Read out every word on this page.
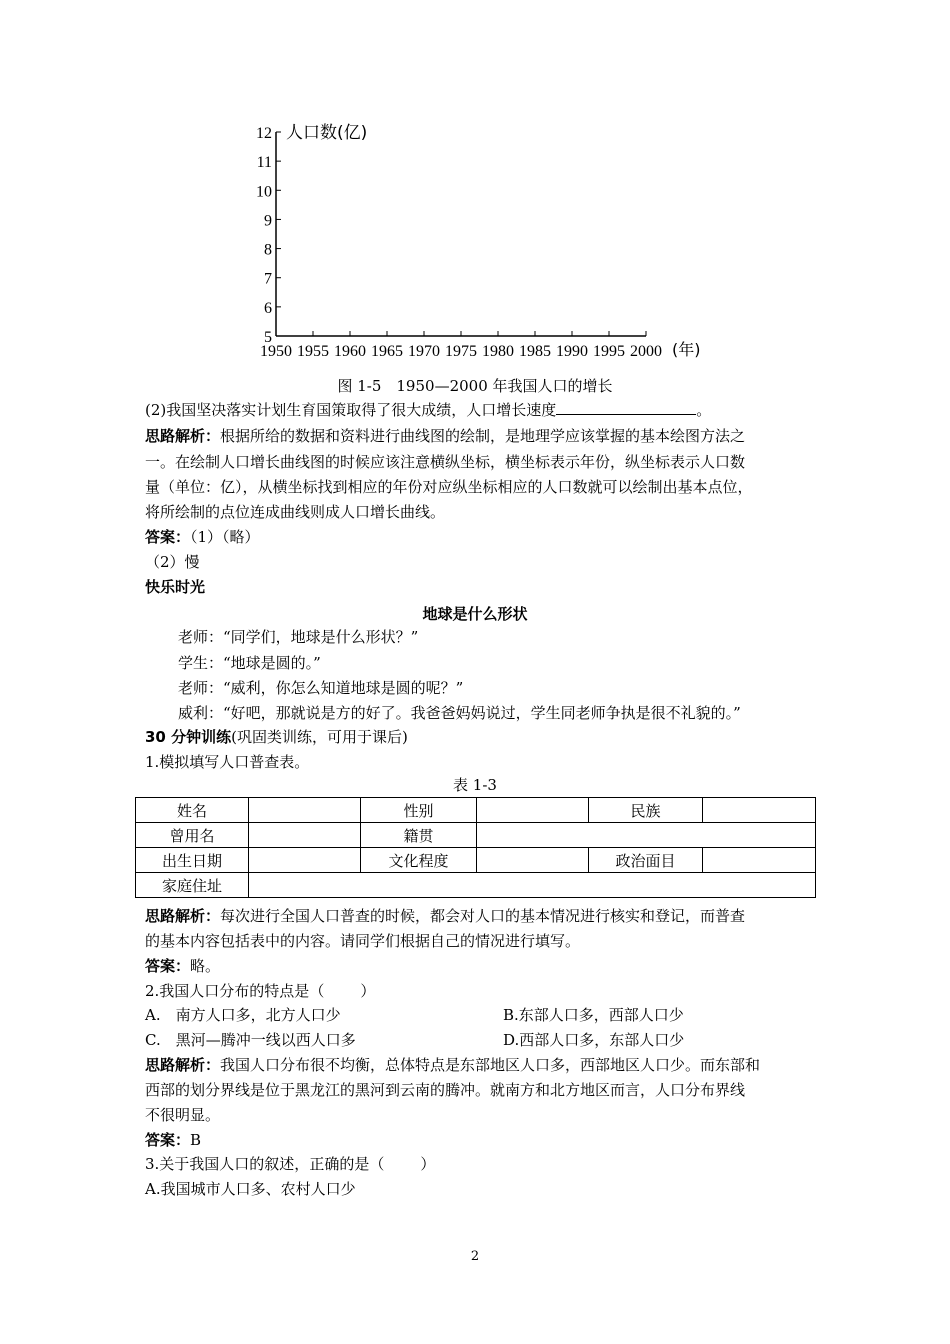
5
6
7
8
9
10
11
12
1950 1955 1960 1965 1970 1975 1980 1985 1990 1995 2000
人口数(亿)
(年)
图 1-5　1950—2000 年我国人口的增长
(2)我国坚决落实计划生育国策取得了很大成绩，人口增长速度	。
思路解析：根据所给的数据和资料进行曲线图的绘制，是地理学应该掌握的基本绘图方法之
一。在绘制人口增长曲线图的时候应该注意横纵坐标，横坐标表示年份，纵坐标表示人口数
量（单位：亿），从横坐标找到相应的年份对应纵坐标相应的人口数就可以绘制出基本点位，
将所绘制的点位连成曲线则成人口增长曲线。
答案：（1）（略）
（2）慢
快乐时光
地球是什么形状
老师：“同学们，地球是什么形状？”
学生：“地球是圆的。”
老师：“威利，你怎么知道地球是圆的呢？”
威利：“好吧，那就说是方的好了。我爸爸妈妈说过，学生同老师争执是很不礼貌的。”
30 分钟训练(巩固类训练，可用于课后)
1.模拟填写人口普查表。
表 1-3
姓名		性别		民族	
曾用名		籍贯			
出生日期		文化程度		政治面目	
家庭住址					
思路解析：每次进行全国人口普查的时候，都会对人口的基本情况进行核实和登记，而普查
的基本内容包括表中的内容。请同学们根据自己的情况进行填写。
答案：略。
2.我国人口分布的特点是（ ）
A.　南方人口多，北方人口少	B.东部人口多，西部人口少
C.　黑河—腾冲一线以西人口多	D.西部人口多，东部人口少
思路解析：我国人口分布很不均衡，总体特点是东部地区人口多，西部地区人口少。而东部和
西部的划分界线是位于黑龙江的黑河到云南的腾冲。就南方和北方地区而言，人口分布界线
不很明显。
答案：B
3.关于我国人口的叙述，正确的是（ ）
A.我国城市人口多、农村人口少
2
